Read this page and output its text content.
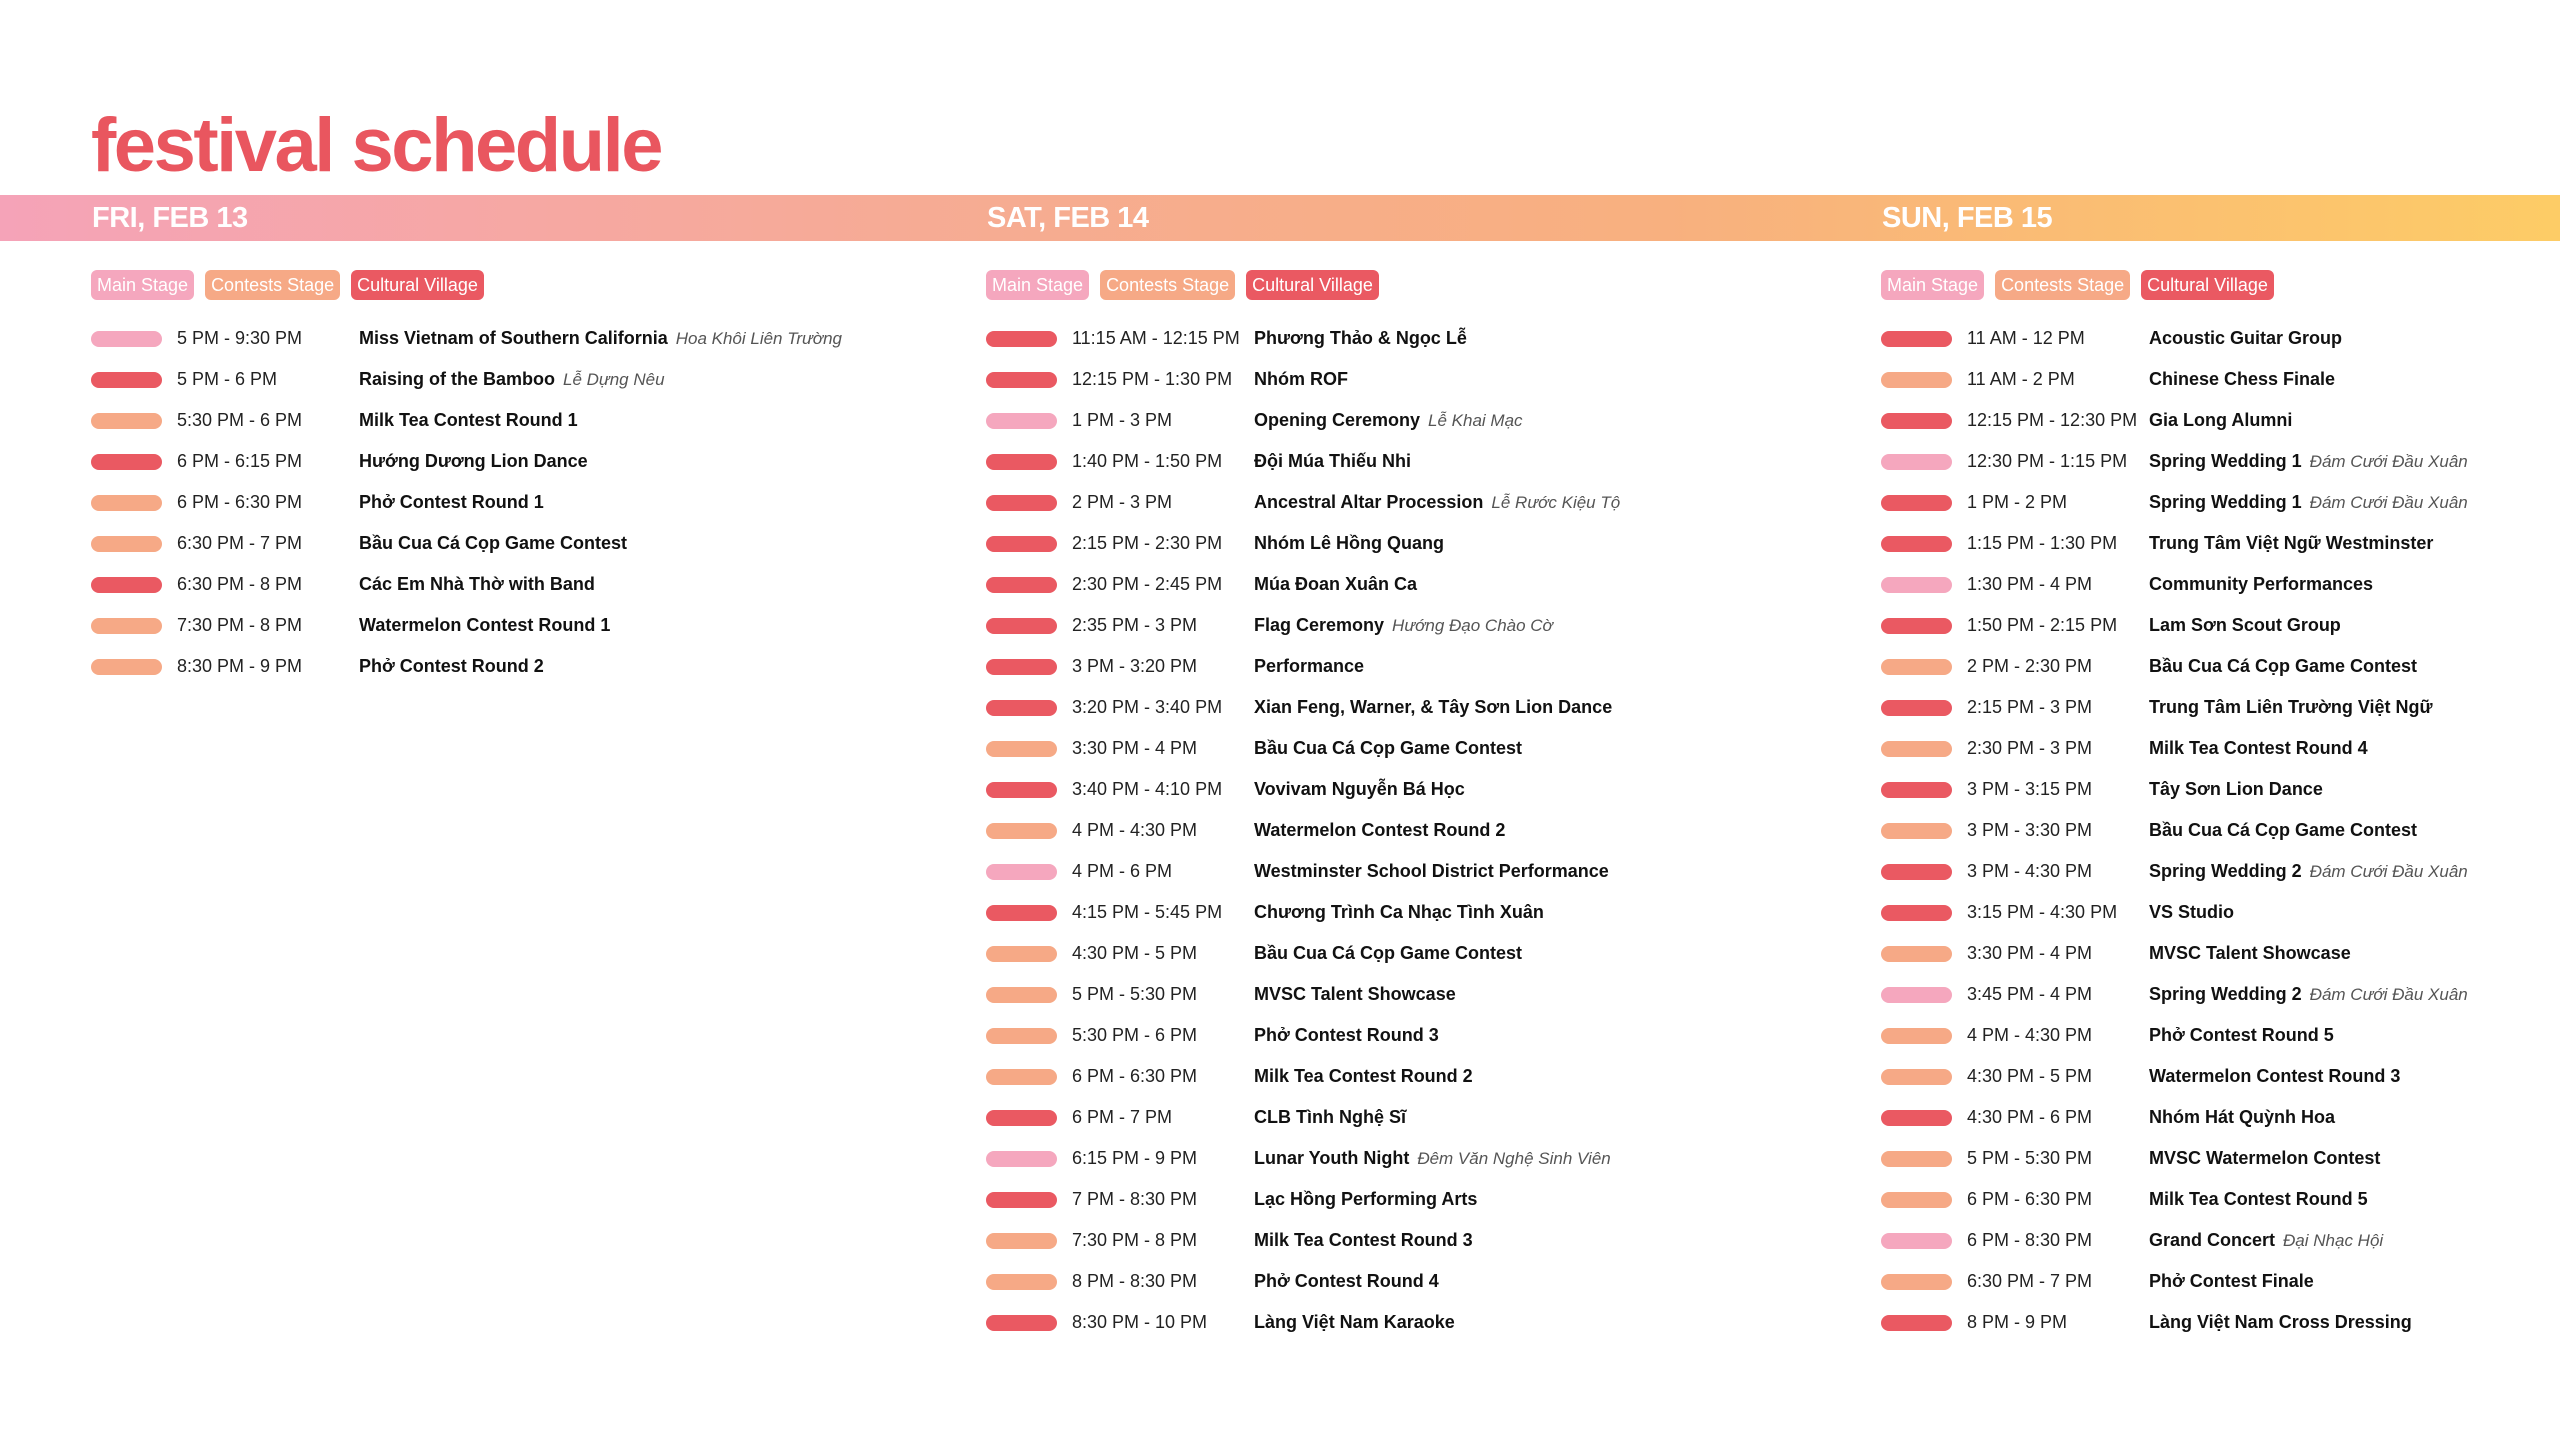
festival schedule
FRI, FEB 13	SAT, FEB 14	SUN, FEB 15
Main Stage Contests Stage Cultural Village
5 PM - 9:30 PM	Miss Vietnam of Southern California Hoa Khôi Liên Trường
5 PM - 6 PM	Raising of the Bamboo Lễ Dựng Nêu
5:30 PM - 6 PM	Milk Tea Contest Round 1
6 PM - 6:15 PM	Hướng Dương Lion Dance
6 PM - 6:30 PM	Phở Contest Round 1
6:30 PM - 7 PM	Bầu Cua Cá Cọp Game Contest
6:30 PM - 8 PM	Các Em Nhà Thờ with Band
7:30 PM - 8 PM	Watermelon Contest Round 1
8:30 PM - 9 PM	Phở Contest Round 2
Main Stage Contests Stage Cultural Village
11:15 AM - 12:15 PM Phương Thảo & Ngọc Lễ
12:15 PM - 1:30 PM Nhóm ROF
1 PM - 3 PM	Opening Ceremony Lễ Khai Mạc
1:40 PM - 1:50 PM Đội Múa Thiếu Nhi
2 PM - 3 PM	Ancestral Altar Procession Lễ Rước Kiệu Tộ
2:15 PM - 2:30 PM Nhóm Lê Hồng Quang
2:30 PM - 2:45 PM Múa Đoan Xuân Ca
2:35 PM - 3 PM	Flag Ceremony Hướng Đạo Chào Cờ
3 PM - 3:20 PM	Performance
3:20 PM - 3:40 PM Xian Feng, Warner, & Tây Sơn Lion Dance
3:30 PM - 4 PM	Bầu Cua Cá Cọp Game Contest
3:40 PM - 4:10 PM Vovivam Nguyễn Bá Học
4 PM - 4:30 PM	Watermelon Contest Round 2
4 PM - 6 PM	Westminster School District Performance
4:15 PM - 5:45 PM Chương Trình Ca Nhạc Tình Xuân
4:30 PM - 5 PM	Bầu Cua Cá Cọp Game Contest
5 PM - 5:30 PM	MVSC Talent Showcase
5:30 PM - 6 PM	Phở Contest Round 3
6 PM - 6:30 PM	Milk Tea Contest Round 2
6 PM - 7 PM	CLB Tình Nghệ Sĩ
6:15 PM - 9 PM	Lunar Youth Night Đêm Văn Nghệ Sinh Viên
7 PM - 8:30 PM	Lạc Hồng Performing Arts
7:30 PM - 8 PM	Milk Tea Contest Round 3
8 PM - 8:30 PM	Phở Contest Round 4
8:30 PM - 10 PM	Làng Việt Nam Karaoke
Main Stage Contests Stage Cultural Village
11 AM - 12 PM	Acoustic Guitar Group
11 AM - 2 PM	Chinese Chess Finale
12:15 PM - 12:30 PM Gia Long Alumni
12:30 PM - 1:15 PM Spring Wedding 1 Đám Cưới Đầu Xuân
1 PM - 2 PM	Spring Wedding 1 Đám Cưới Đầu Xuân
1:15 PM - 1:30 PM Trung Tâm Việt Ngữ Westminster
1:30 PM - 4 PM	Community Performances
1:50 PM - 2:15 PM Lam Sơn Scout Group
2 PM - 2:30 PM	Bầu Cua Cá Cọp Game Contest
2:15 PM - 3 PM	Trung Tâm Liên Trường Việt Ngữ
2:30 PM - 3 PM	Milk Tea Contest Round 4
3 PM - 3:15 PM	Tây Sơn Lion Dance
3 PM - 3:30 PM	Bầu Cua Cá Cọp Game Contest
3 PM - 4:30 PM	Spring Wedding 2 Đám Cưới Đầu Xuân
3:15 PM - 4:30 PM VS Studio
3:30 PM - 4 PM	MVSC Talent Showcase
3:45 PM - 4 PM	Spring Wedding 2 Đám Cưới Đầu Xuân
4 PM - 4:30 PM	Phở Contest Round 5
4:30 PM - 5 PM	Watermelon Contest Round 3
4:30 PM - 6 PM	Nhóm Hát Quỳnh Hoa
5 PM - 5:30 PM	MVSC Watermelon Contest
6 PM - 6:30 PM	Milk Tea Contest Round 5
6 PM - 8:30 PM	Grand Concert Đại Nhạc Hội
6:30 PM - 7 PM	Phở Contest Finale
8 PM - 9 PM	Làng Việt Nam Cross Dressing
